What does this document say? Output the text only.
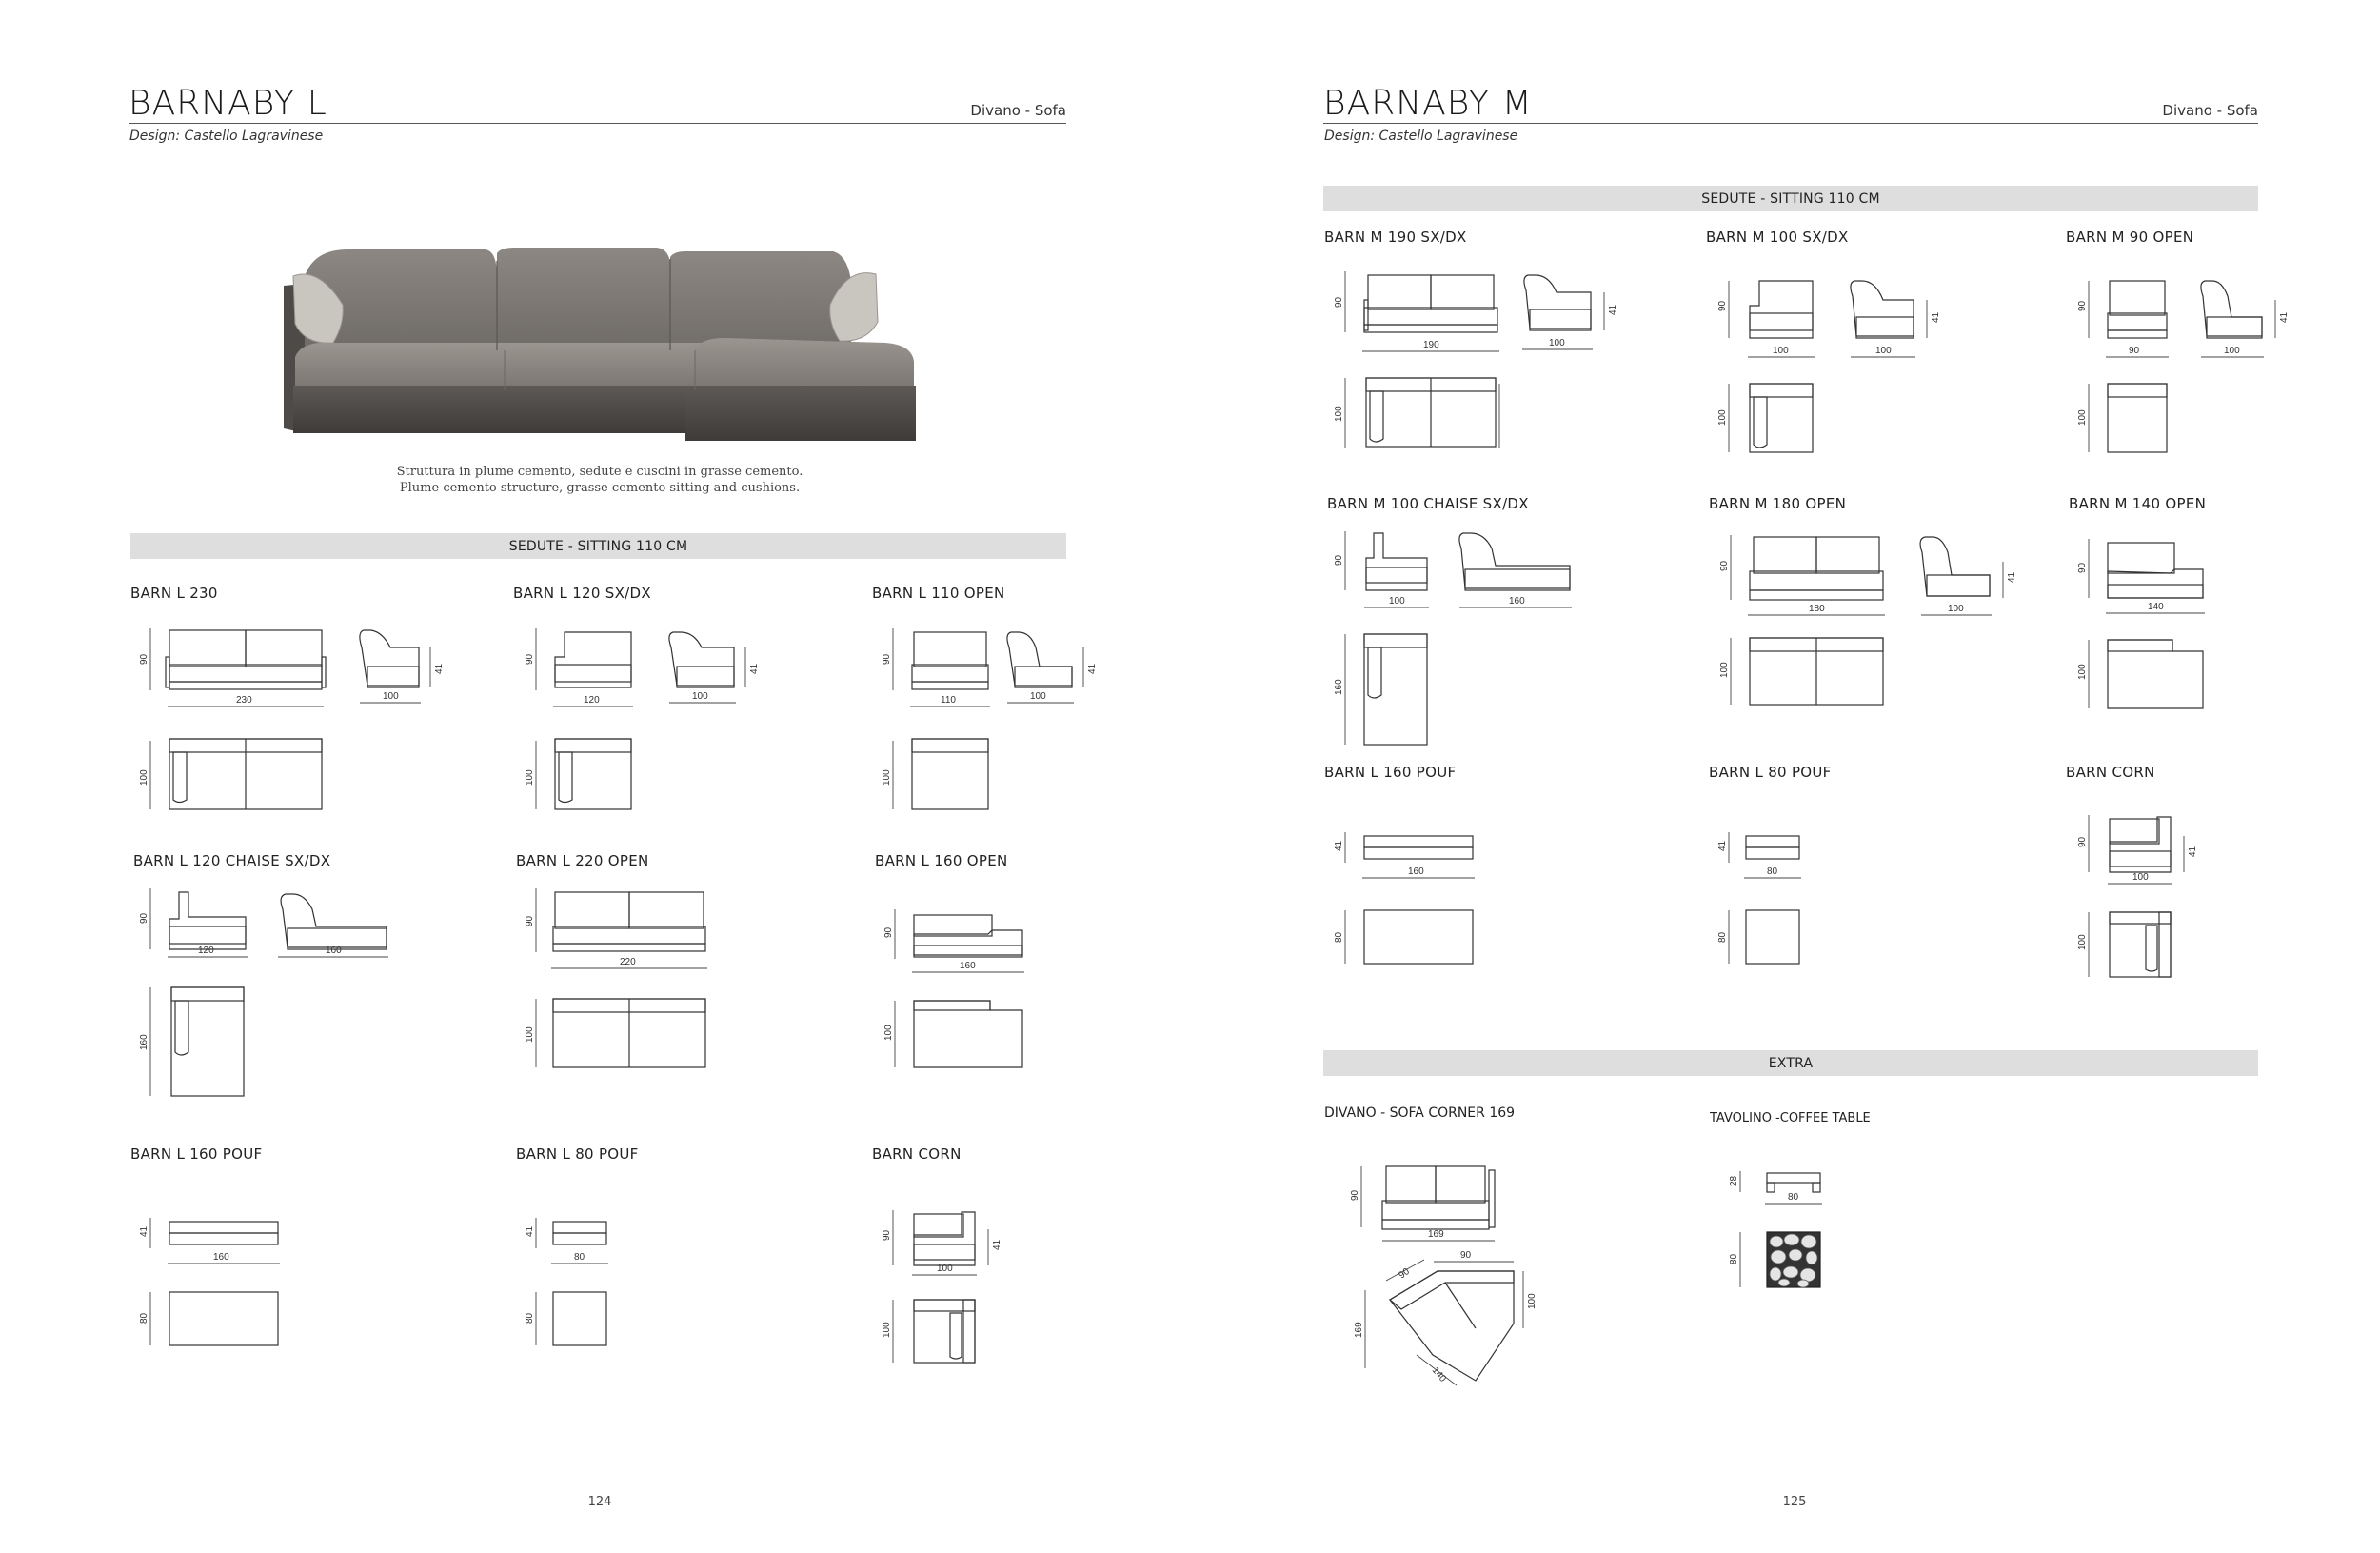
BARNABY L	Divano - Sofa
Design: Castello Lagravinese
Struttura in plume cemento, sedute e cuscini in grasse cemento.
Plume cemento structure, grasse cemento sitting and cushions.
SEDUTE - SITTING 110 CM
BARN L 230	BARN L 120 SX/DX	BARN L 110 OPEN
BARN L 120 CHAISE SX/DX	BARN L 220 OPEN	BARN L 160 OPEN
BARN L 160 POUF	BARN L 80 POUF	BARN CORN
90
230	100
41
100
90
120	100
41
100
90
110	100
41
100
90
120	160
160
90
220
100
90
160
100
41
160
80
41
80
80
90
100
41
100
124
BARNABY M	Divano - Sofa
Design: Castello Lagravinese
SEDUTE - SITTING 110 CM
BARN M 190 SX/DX	BARN M 100 SX/DX	BARN M 90 OPEN
BARN M 100 CHAISE SX/DX	BARN M 180 OPEN	BARN M 140 OPEN
BARN L 160 POUF	BARN L 80 POUF	BARN CORN
90
190	100
41
100
90
100	100
41
100
90
90	100
41
100
90
100	160
160
90
180	100
41
100
90
140
100
41
160
80
41
80
80
90
100
41
100
EXTRA
DIVANO - SOFA CORNER 169	TAVOLINO -COFFEE TABLE
90
169
90
90
100
169
140
28
80
80
125
